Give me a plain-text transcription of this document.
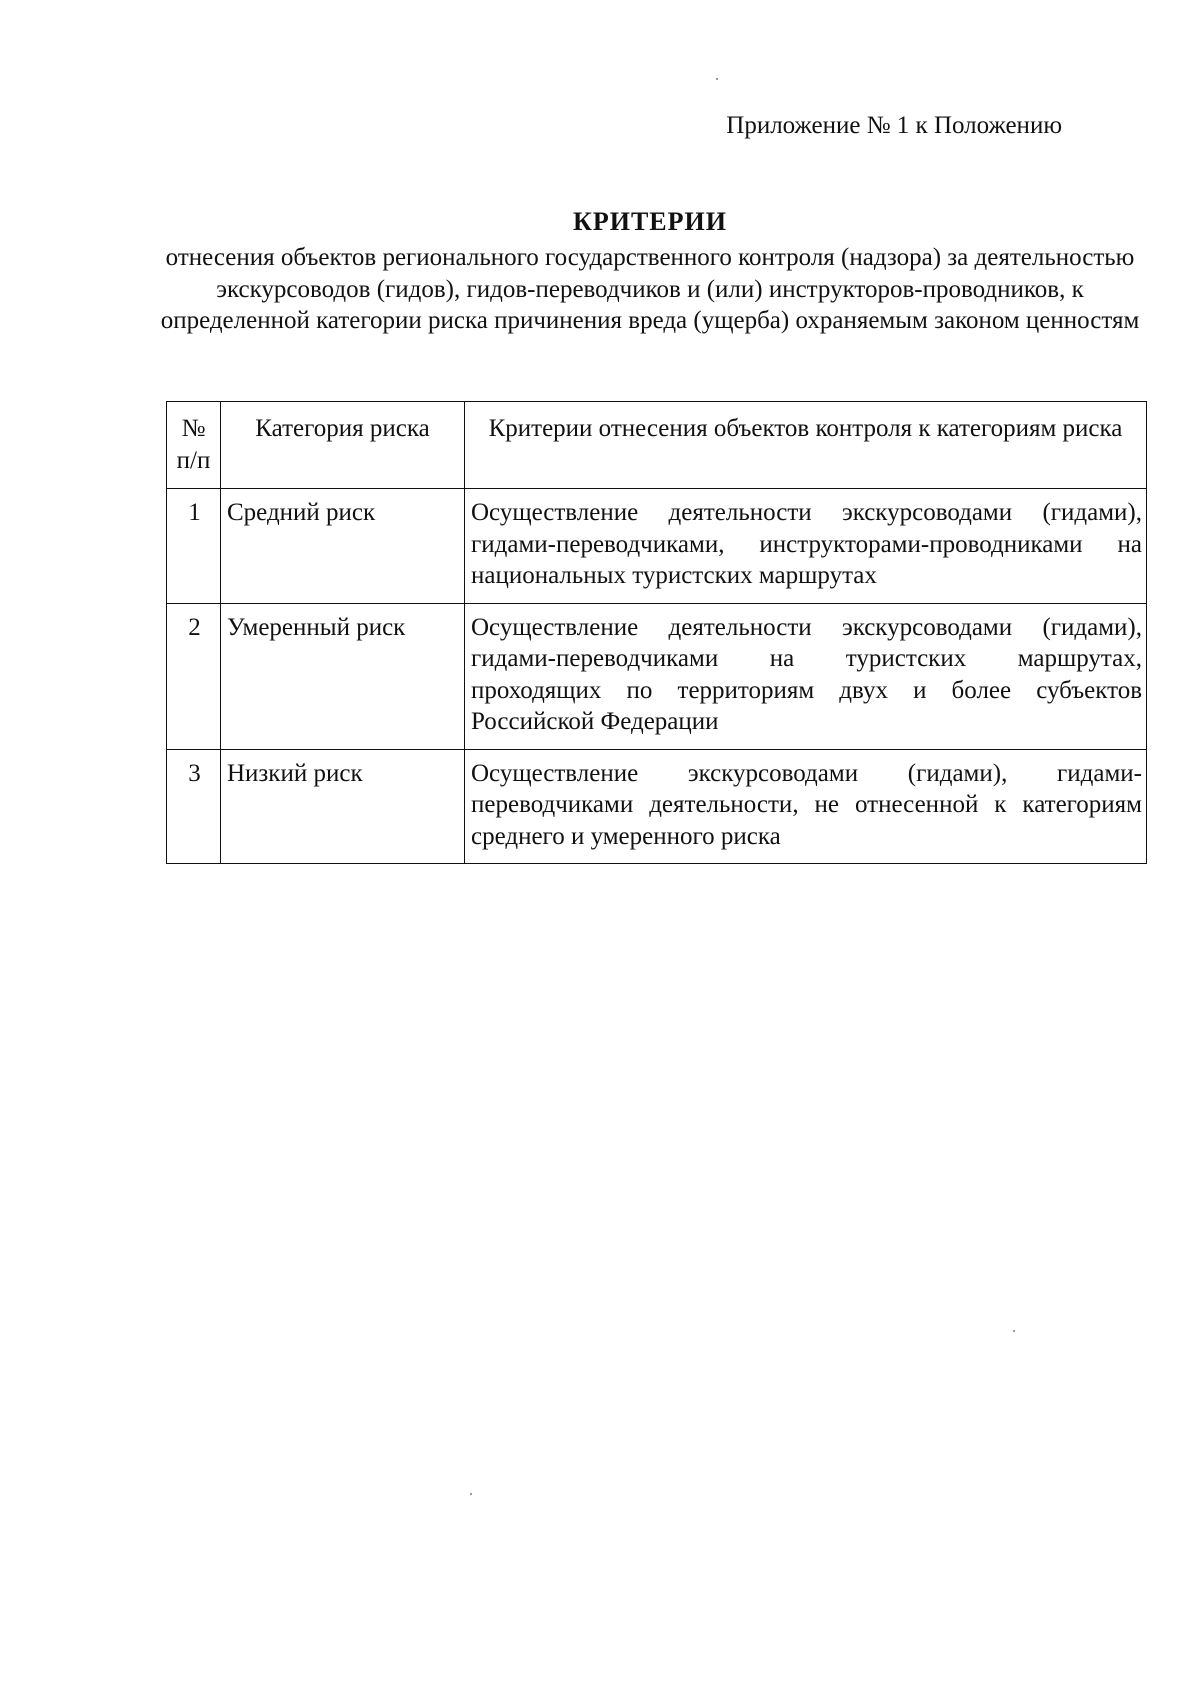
Приложение № 1 к Положению
КРИТЕРИИ
отнесения объектов регионального государственного контроля (надзора) за деятельностью экскурсоводов (гидов), гидов-переводчиков и (или) инструкторов-проводников, к определенной категории риска причинения вреда (ущерба) охраняемым законом ценностям
№ п/п	Категория риска	Критерии отнесения объектов контроля к категориям риска
1	Средний риск	Осуществление деятельности экскурсоводами (гидами), гидами-переводчиками, инструкторами-проводниками на национальных туристских маршрутах
2	Умеренный риск	Осуществление деятельности экскурсоводами (гидами), гидами-переводчиками на туристских маршрутах, проходящих по территориям двух и более субъектов Российской Федерации
3	Низкий риск	Осуществление экскурсоводами (гидами), гидами-переводчиками деятельности, не отнесенной к категориям среднего и умеренного риска
